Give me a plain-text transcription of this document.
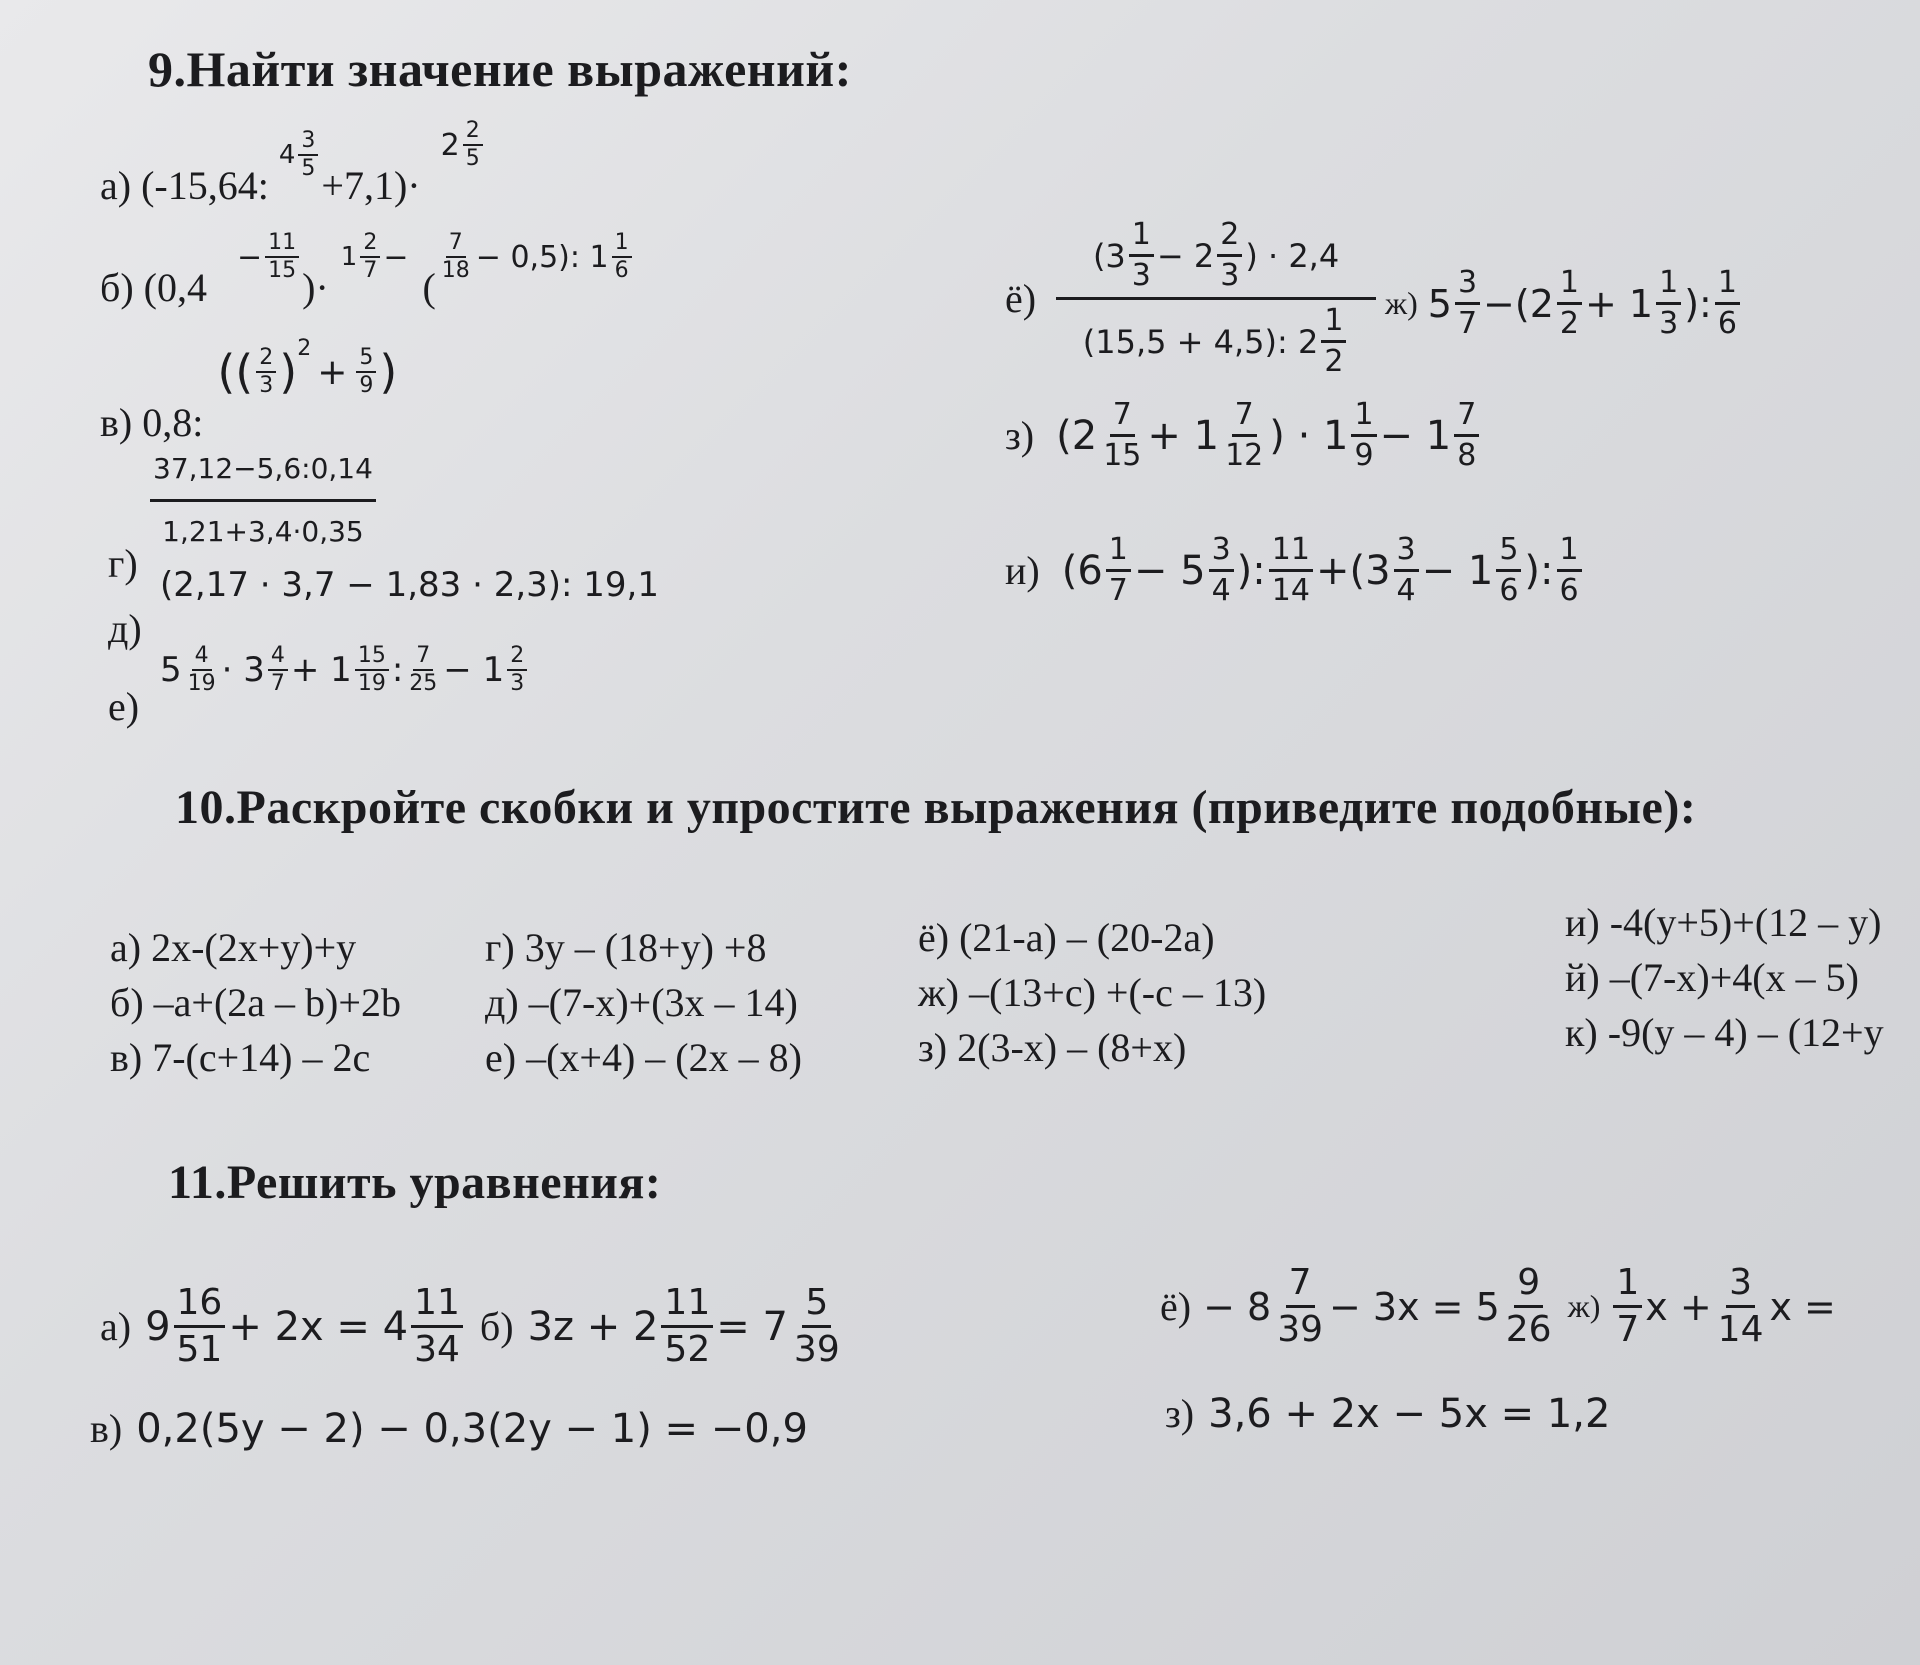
9.Найти значение выражений:
а) (-15,64:
$4 \frac{3}{5}$
+7,1)·
$2 \frac{2}{5}$
б) (0,4
− $\frac{11}{15}$
)·
$1 \frac{2}{7}$ −
(
$\frac{7}{18} - 0,5$): $1 \frac{1}{6}$
в) 0,8:
(( $\frac{2}{3}$ ) 2
+ $\frac{5}{9}$ )
$\frac{37,12-5,6:0,14}{1,21+3,4\cdot 0,35}$
г) (2,17 · 3,7 − 1,83 · 2,3): 19,1
д)
$5 \frac{4}{19} \cdot 3 \frac{4}{7} + 1 \frac{15}{19}$ : $\frac{7}{25} - 1 \frac{2}{3}$
е)
ё)
($3 \frac{1}{3} - 2 \frac{2}{3}$ ) · 2,4
(15,5 + 4,5): $2 \frac{1}{2}$
ж) $5 \frac{3}{7} - (2 \frac{1}{2} + 1 \frac{1}{3}$ ): $\frac{1}{6}$
з) ($2 \frac{7}{15} + 1 \frac{7}{12}$ ) · $1 \frac{1}{9} - 1 \frac{7}{8}$
и) ($6 \frac{1}{7} - 5 \frac{3}{4}$ ): $\frac{11}{14} + (3 \frac{3}{4} - 1 \frac{5}{6}$ ): $\frac{1}{6}$
10.Раскройте скобки и упростите выражения (приведите подобные):
а) 2x-(2x+y)+y
б) –a+(2a – b)+2b
в) 7-(c+14) – 2c
г) 3y – (18+y) +8
д) –(7-x)+(3x – 14)
е) –(x+4) – (2x – 8)
ё) (21-a) – (20-2a)
ж) –(13+c) +(-c – 13)
з) 2(3-x) – (8+x)
и) -4(y+5)+(12 – y)
й) –(7-x)+4(x – 5)
к) -9(y – 4) – (12+y
11.Решить уравнения:
а) $9 \frac{16}{51} + 2x = 4 \frac{11}{34} б$) $3z + 2 \frac{11}{52} = 7 \frac{5}{39}$
в) 0,2(5y − 2) − 0,3(2y − 1) = −0,9
$ё) - 8 \frac{7}{39} - 3x = 5 \frac{9}{26} ж) \frac{1}{7}$ $x + \frac{3}{14}$ x =
з) 3,6 + 2x − 5x = 1,2
